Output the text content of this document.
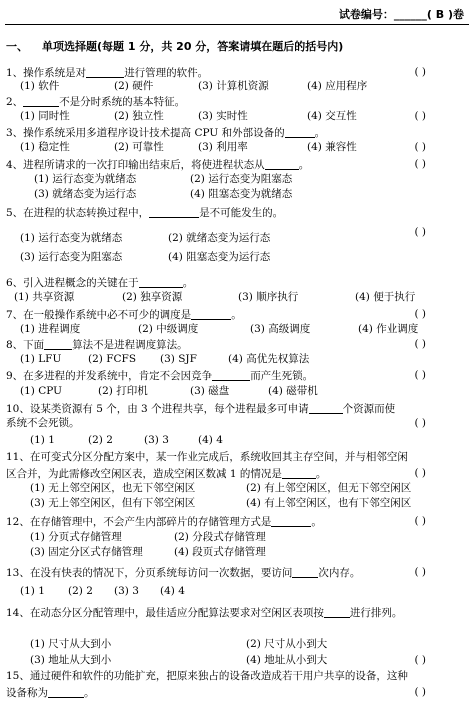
试卷编号：______( B )卷
一、 单项选择题(每题 1 分，共 20 分，答案请填在题后的括号内)
1、操作系统是对	进行管理的软件。	( )
(1) 软件	(2) 硬件	(3) 计算机资源	(4) 应用程序
2、	不是分时系统的基本特征。
(1) 同时性	(2) 独立性	(3) 实时性	(4) 交互性	( )
3、操作系统采用多道程序设计技术提高 CPU 和外部设备的	。
(1) 稳定性	(2) 可靠性	(3) 利用率	(4) 兼容性	( )
4、进程所请求的一次打印输出结束后，将使进程状态从	。	( )
(1) 运行态变为就绪态	(2) 运行态变为阻塞态
(3) 就绪态变为运行态	(4) 阻塞态变为就绪态
5、在进程的状态转换过程中，	是不可能发生的。
( )
(1) 运行态变为就绪态	(2) 就绪态变为运行态
(3) 运行态变为阻塞态	(4) 阻塞态变为运行态
6、引入进程概念的关键在于	。
(1) 共享资源	(2) 独享资源	(3) 顺序执行	(4) 便于执行
7、在一般操作系统中必不可少的调度是	。	( )
(1) 进程调度	(2) 中级调度	(3) 高级调度	(4) 作业调度
8、下面	算法不是进程调度算法。	( )
(1) LFU	(2) FCFS (3) SJF	(4) 高优先权算法
9、在多进程的并发系统中，肯定不会因竞争	而产生死锁。	( )
(1) CPU	(2) 打印机	(3) 磁盘	(4) 磁带机
10、设某类资源有 5 个，由 3 个进程共享，每个进程最多可申请	个资源而使
系统不会死锁。	( )
(1) 1	(2) 2	(3) 3	(4) 4
11、在可变式分区分配方案中，某一作业完成后，系统收回其主存空间，并与相邻空闲
区合并，为此需修改空闲区表，造成空闲区数减 1 的情况是	。	( )
(1) 无上邻空闲区，也无下邻空闲区	(2) 有上邻空闲区，但无下邻空闲区
(3) 无上邻空闲区，但有下邻空闲区	(4) 有上邻空闲区，也有下邻空闲区
12、在存储管理中，不会产生内部碎片的存储管理方式是	。	( )
(1) 分页式存储管理	(2) 分段式存储管理
(3) 固定分区式存储管理	(4) 段页式存储管理
13、在没有快表的情况下，分页系统每访问一次数据，要访问 次内存。	( )
(1) 1 (2) 2 (3) 3 (4) 4
14、在动态分区分配管理中，最佳适应分配算法要求对空闲区表项按 进行排列。
(1) 尺寸从大到小	(2) 尺寸从小到大
(3) 地址从大到小	(4) 地址从小到大	( )
15、通过硬件和软件的功能扩充，把原来独占的设备改造成若干用户共享的设备，这种
设备称为	。	( )
